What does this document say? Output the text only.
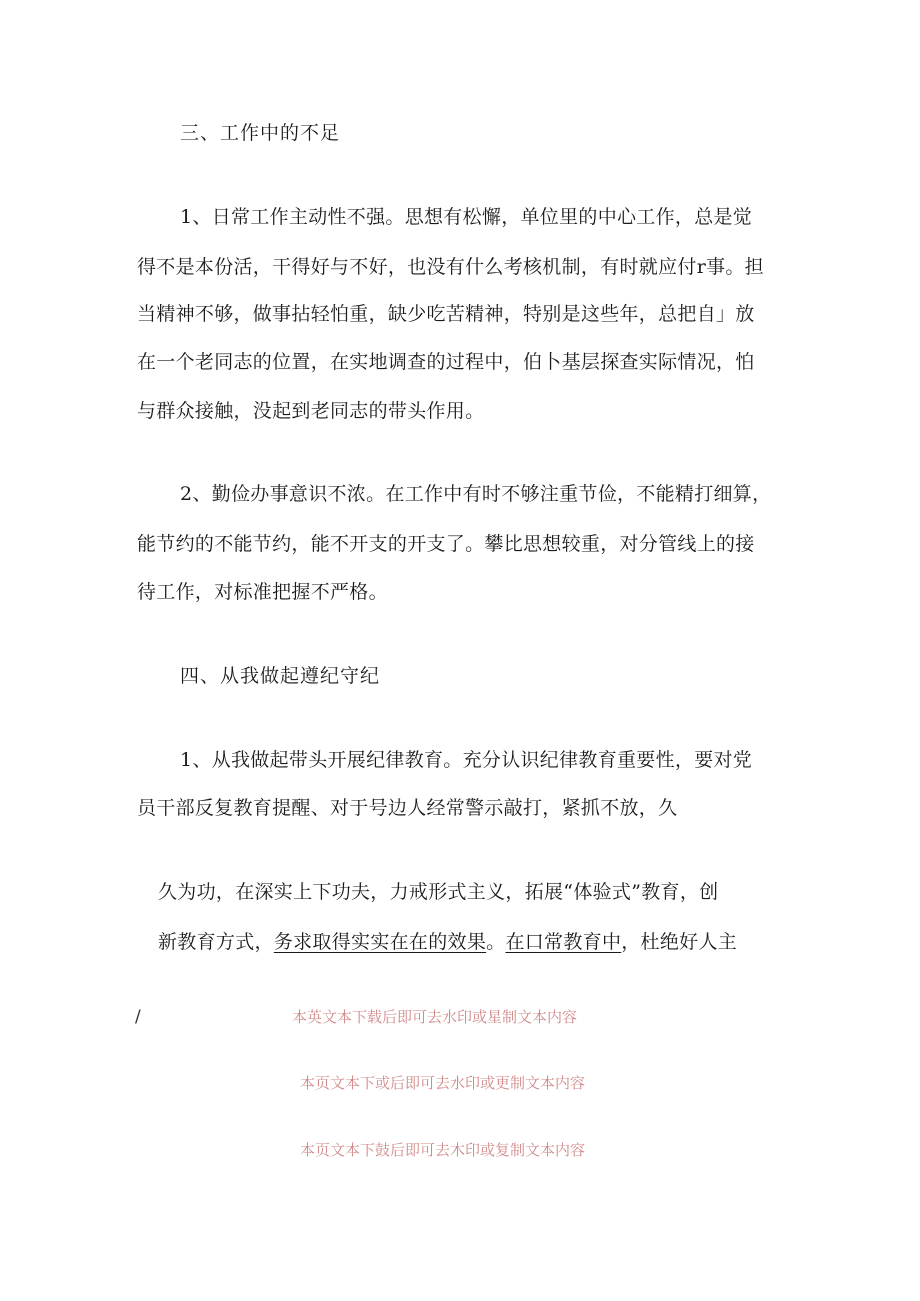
三、工作中的不足
1、日常工作主动性不强。思想有松懈，单位里的中心工作，总是觉
得不是本份活，干得好与不好，也没有什么考核机制，有时就应付r事。担
当精神不够，做事拈轻怕重，缺少吃苦精神，特别是这些年，总把自」放
在一个老同志的位置，在实地调查的过程中，伯卜基层探查实际情况，怕
与群众接触，没起到老同志的带头作用。
2、勤俭办事意识不浓。在工作中有时不够注重节俭，不能精打细算，
能节约的不能节约，能不开支的开支了。攀比思想较重，对分管线上的接
待工作，对标准把握不严格。
四、从我做起遵纪守纪
1、从我做起带头开展纪律教育。充分认识纪律教育重要性，要对党
员干部反复教育提醒、对于号边人经常警示敲打，紧抓不放，久
久为功，在深实上下功夫，力戒形式主义，拓展“体验式”教育，创
新教育方式，务求取得实实在在的效果。在口常教育中，杜绝好人主
/	本英文本下载后即可去水印或星制文本内容
本页文本下或后即可去水印或更制文本内容
本页文本下鼓后即可去木印或复制文本内容
